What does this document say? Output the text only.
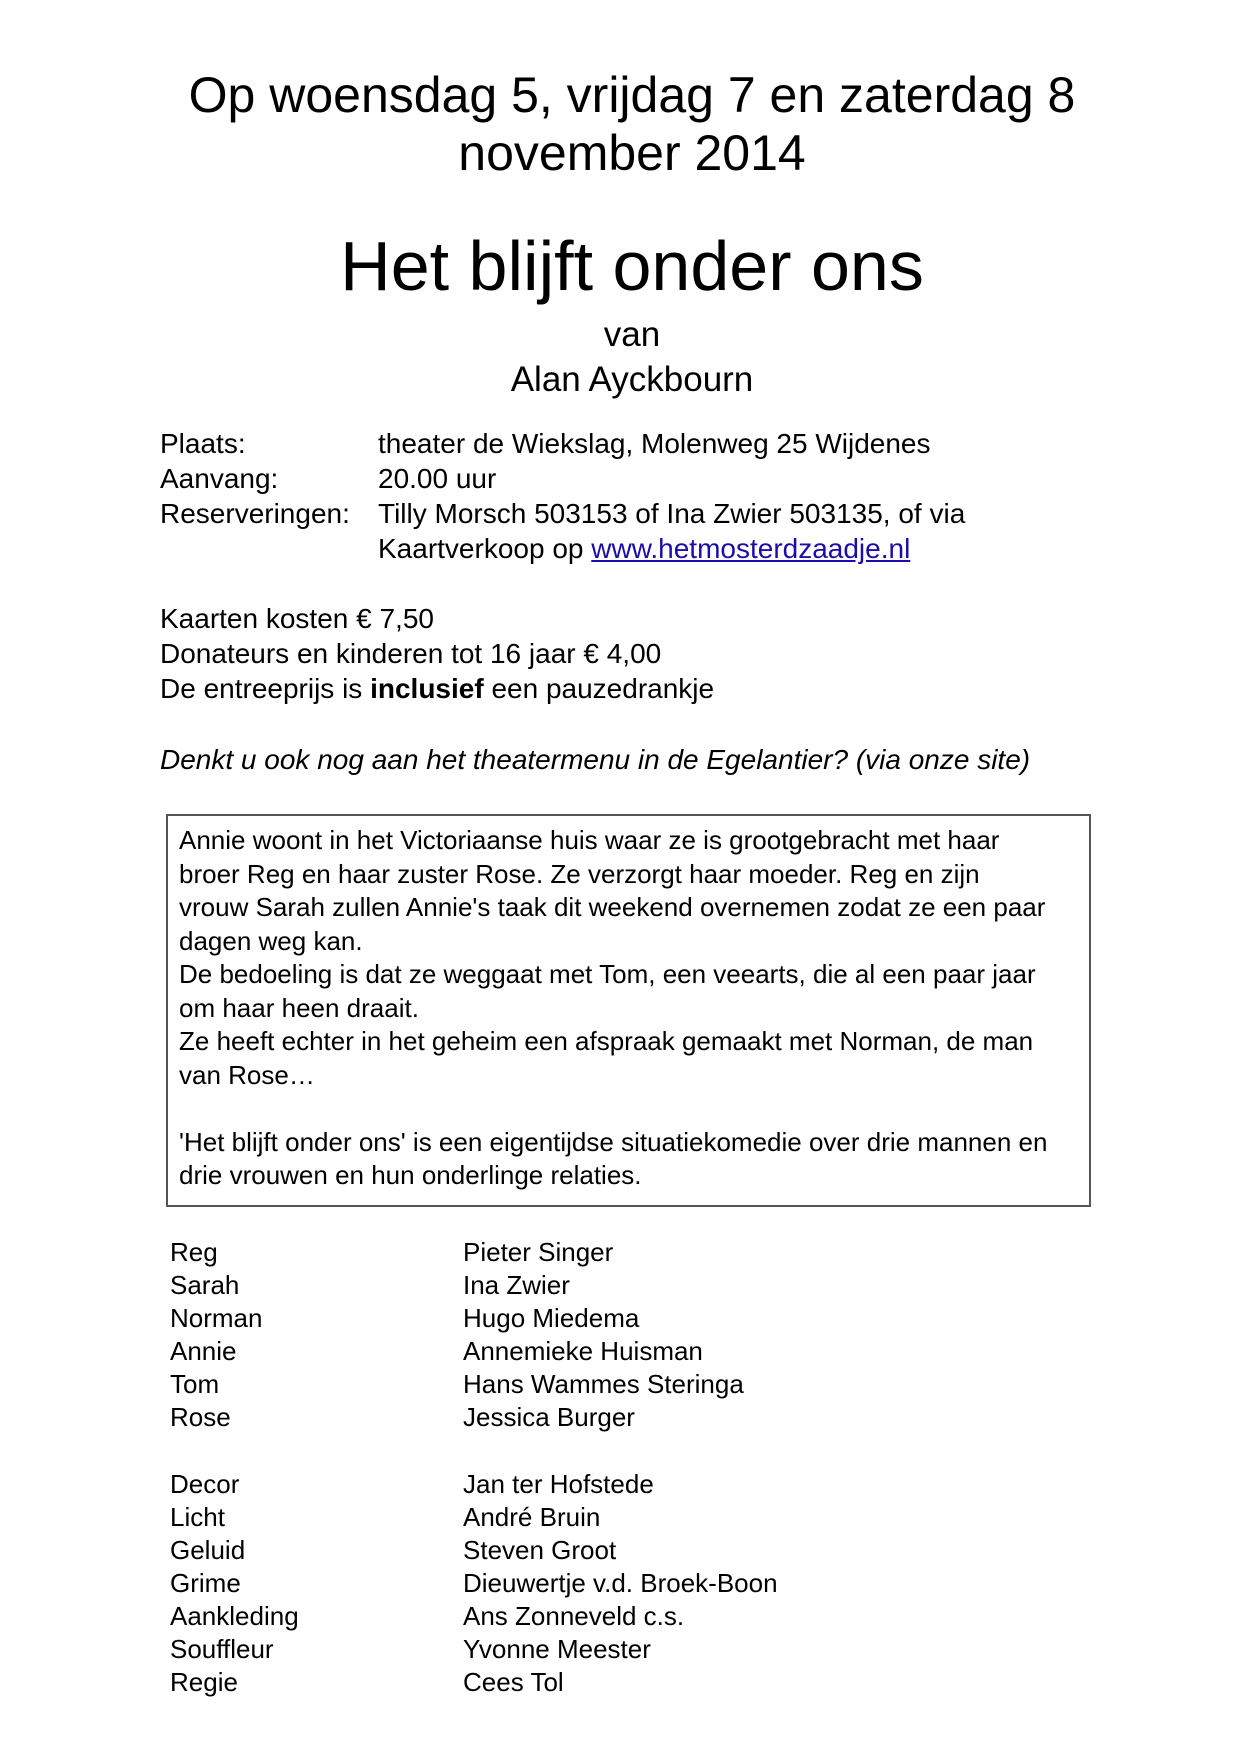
Op woensdag 5, vrijdag 7 en zaterdag 8
november 2014
Het blijft onder ons
van
Alan Ayckbourn
Plaats:	theater de Wiekslag, Molenweg 25 Wijdenes
Aanvang:	20.00 uur
Reserveringen: Tilly Morsch 503153 of Ina Zwier 503135, of via
Kaartverkoop op www.hetmosterdzaadje.nl
Kaarten kosten € 7,50
Donateurs en kinderen tot 16 jaar € 4,00
De entreeprijs is inclusief een pauzedrankje
Denkt u ook nog aan het theatermenu in de Egelantier? (via onze site)

Annie woont in het Victoriaanse huis waar ze is grootgebracht met haar

broer Reg en haar zuster Rose. Ze verzorgt haar moeder. Reg en zijn

vrouw Sarah zullen Annie's taak dit weekend overnemen zodat ze een paar

dagen weg kan.

De bedoeling is dat ze weggaat met Tom, een veearts, die al een paar jaar

om haar heen draait.

Ze heeft echter in het geheim een afspraak gemaakt met Norman, de man

van Rose…

'Het blijft onder ons' is een eigentijdse situatiekomedie over drie mannen en

drie vrouwen en hun onderlinge relaties.

Reg	Pieter Singer
Sarah	Ina Zwier
Norman	Hugo Miedema
Annie	Annemieke Huisman
Tom	Hans Wammes Steringa
Rose	Jessica Burger
Decor	Jan ter Hofstede
Licht	André Bruin
Geluid	Steven Groot
Grime	Dieuwertje v.d. Broek-Boon
Aankleding	Ans Zonneveld c.s.
Souffleur	Yvonne Meester
Regie	Cees Tol
